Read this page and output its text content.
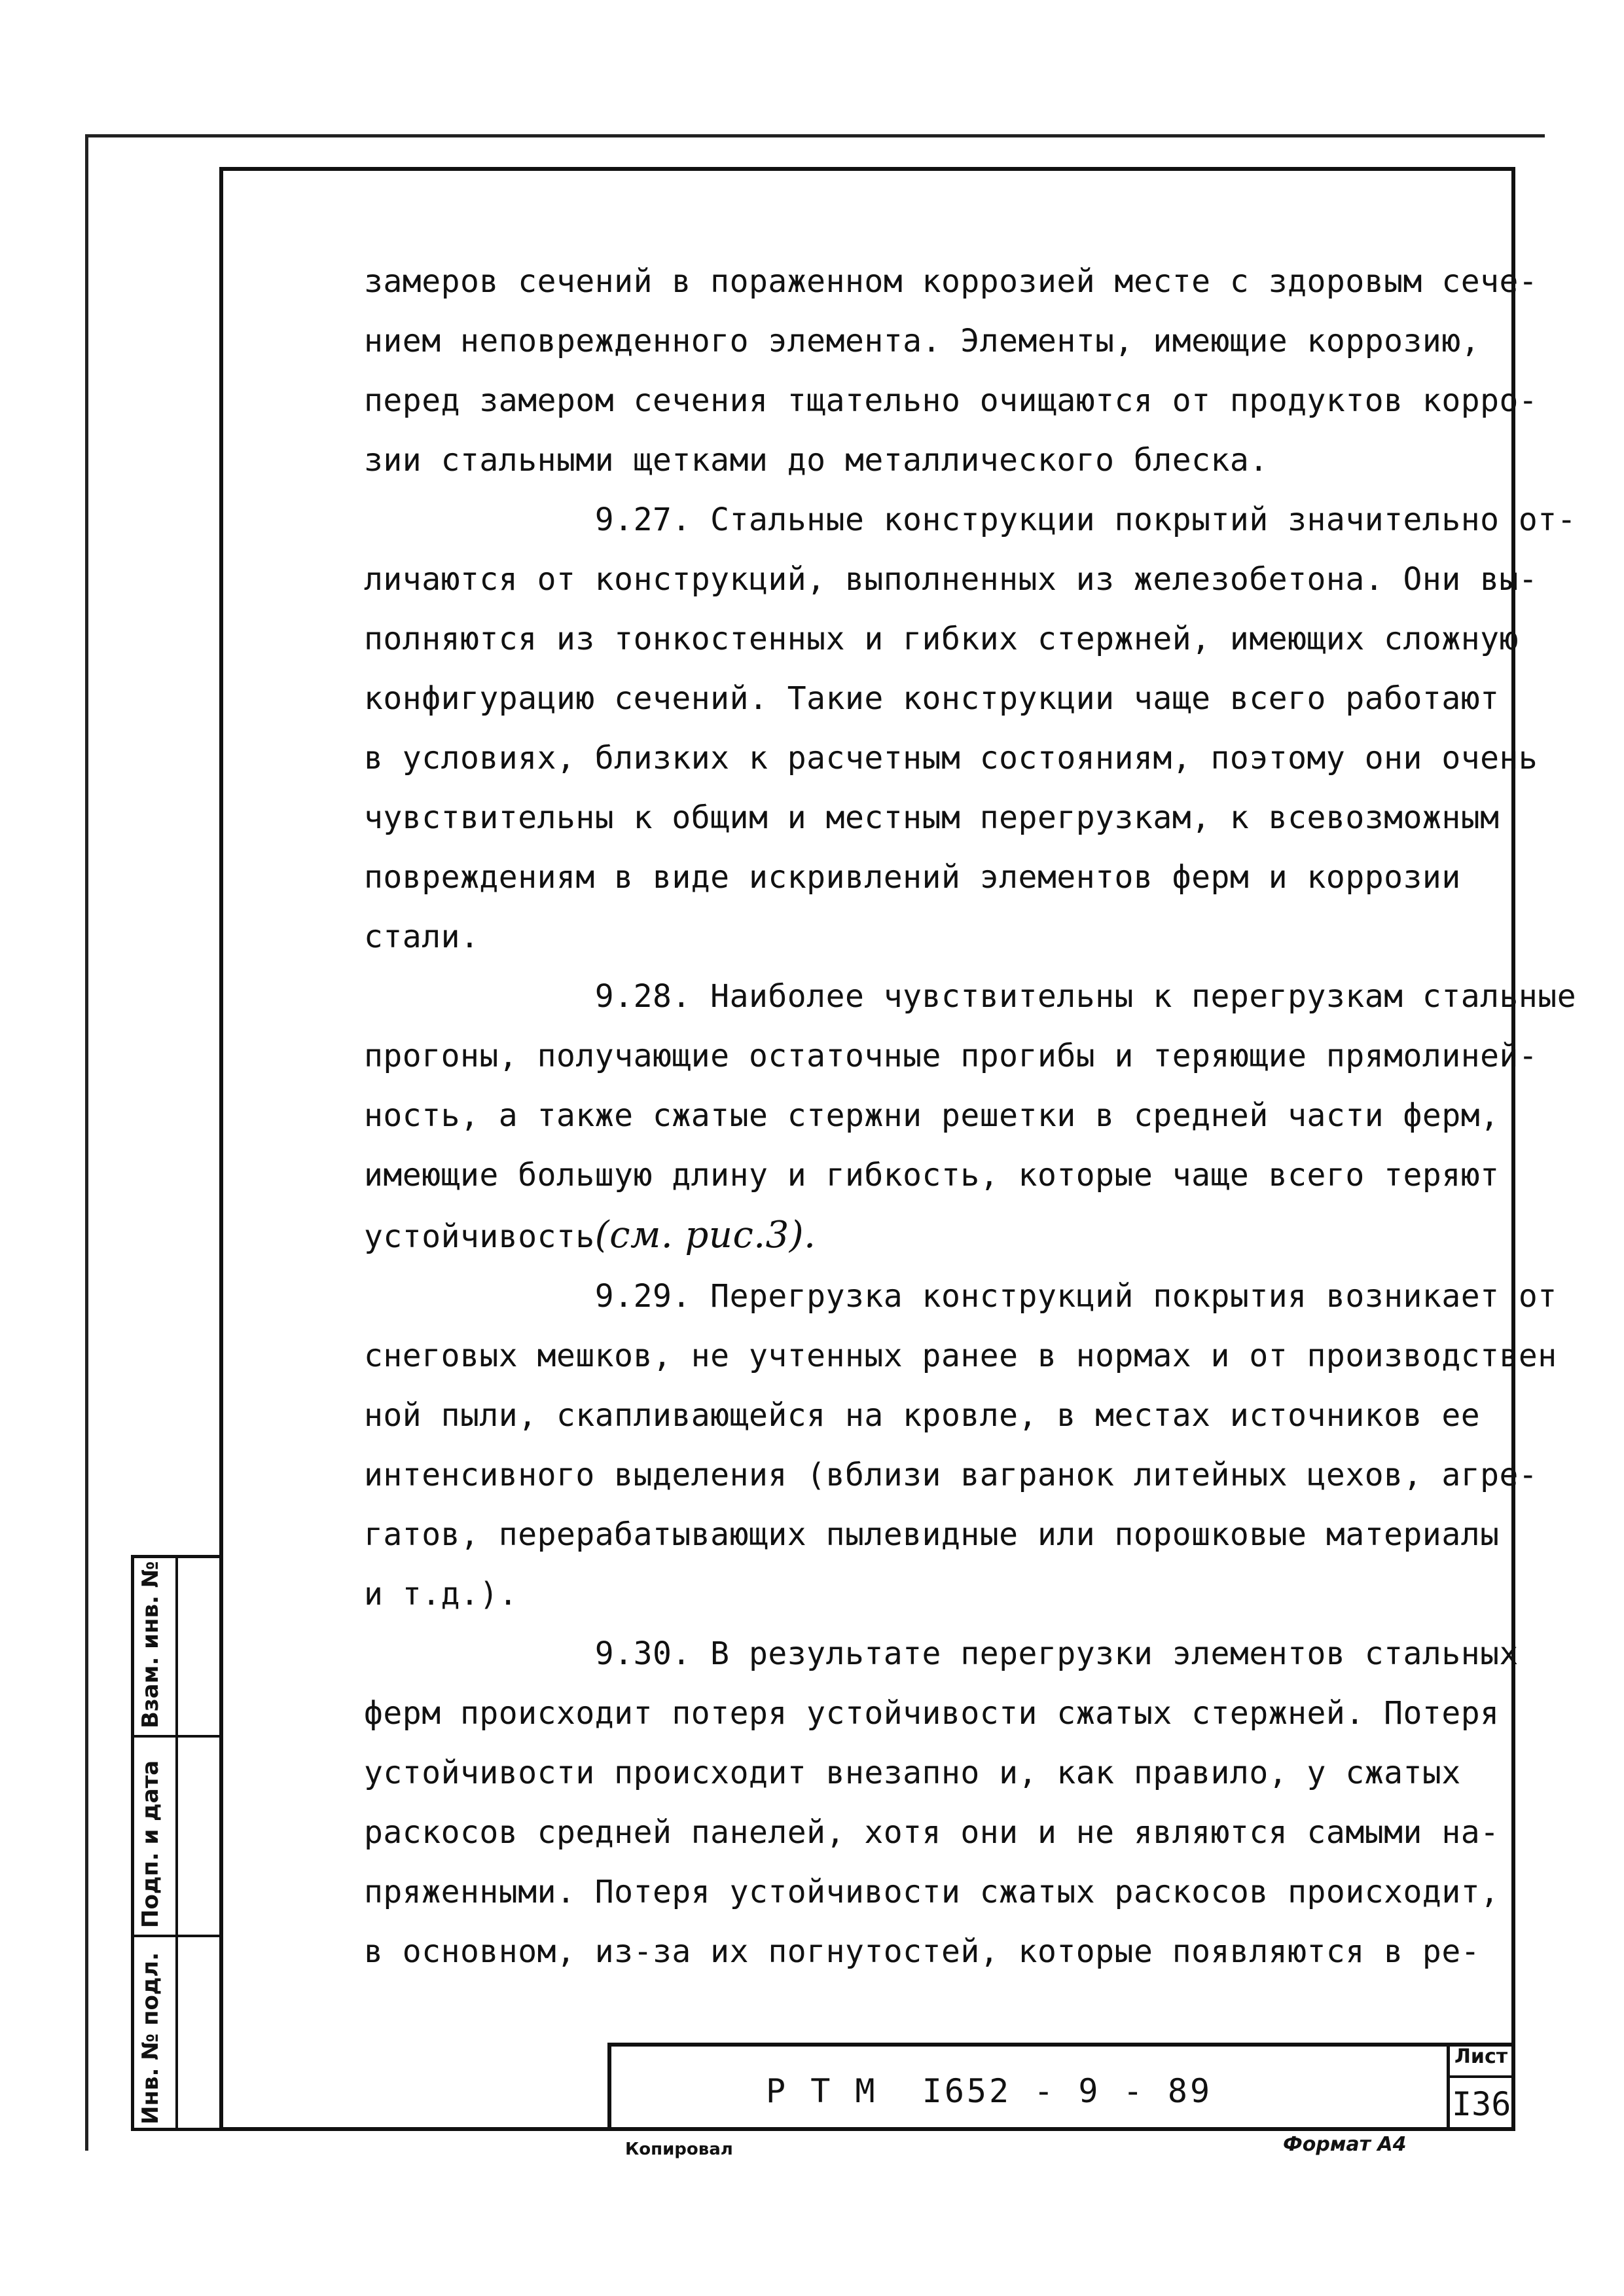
Инв. № подл.
Подп. и дата
Взам. инв. №

замеров сечений в пораженном коррозией месте с здоровым сече-

нием неповрежденного элемента. Элементы, имеющие коррозию,

перед замером сечения тщательно очищаются от продуктов корро-

зии стальными щетками до металлического блеска.

9.27. Стальные конструкции покрытий значительно от-

личаются от конструкций, выполненных из железобетона. Они вы-

полняются из тонкостенных и гибких стержней, имеющих сложную

конфигурацию сечений. Такие конструкции чаще всего работают

в условиях, близких к расчетным состояниям, поэтому они очень

чувствительны к общим и местным перегрузкам, к всевозможным

повреждениям в виде искривлений элементов ферм и коррозии

стали.

9.28. Наиболее чувствительны к перегрузкам стальные

прогоны, получающие остаточные прогибы и теряющие прямолиней-

ность, а также сжатые стержни решетки в средней части ферм,

имеющие большую длину и гибкость, которые чаще всего теряют

устойчивость(см. рис.3).

9.29. Перегрузка конструкций покрытия возникает от

снеговых мешков, не учтенных ранее в нормах и от производствен

ной пыли, скапливающейся на кровле, в местах источников ее

интенсивного выделения (вблизи вагранок литейных цехов, агре-

гатов, перерабатывающих пылевидные или порошковые материалы

и т.д.).

9.30. В результате перегрузки элементов стальных

ферм происходит потеря устойчивости сжатых стержней. Потеря

устойчивости происходит внезапно и, как правило, у сжатых

раскосов средней панелей, хотя они и не являются самыми на-

пряженными. Потеря устойчивости сжатых раскосов происходит,

в основном, из-за их погнутостей, которые появляются в ре-

Р Т М  I652 - 9 - 89
Лист
I36
Копировал	Формат А4
